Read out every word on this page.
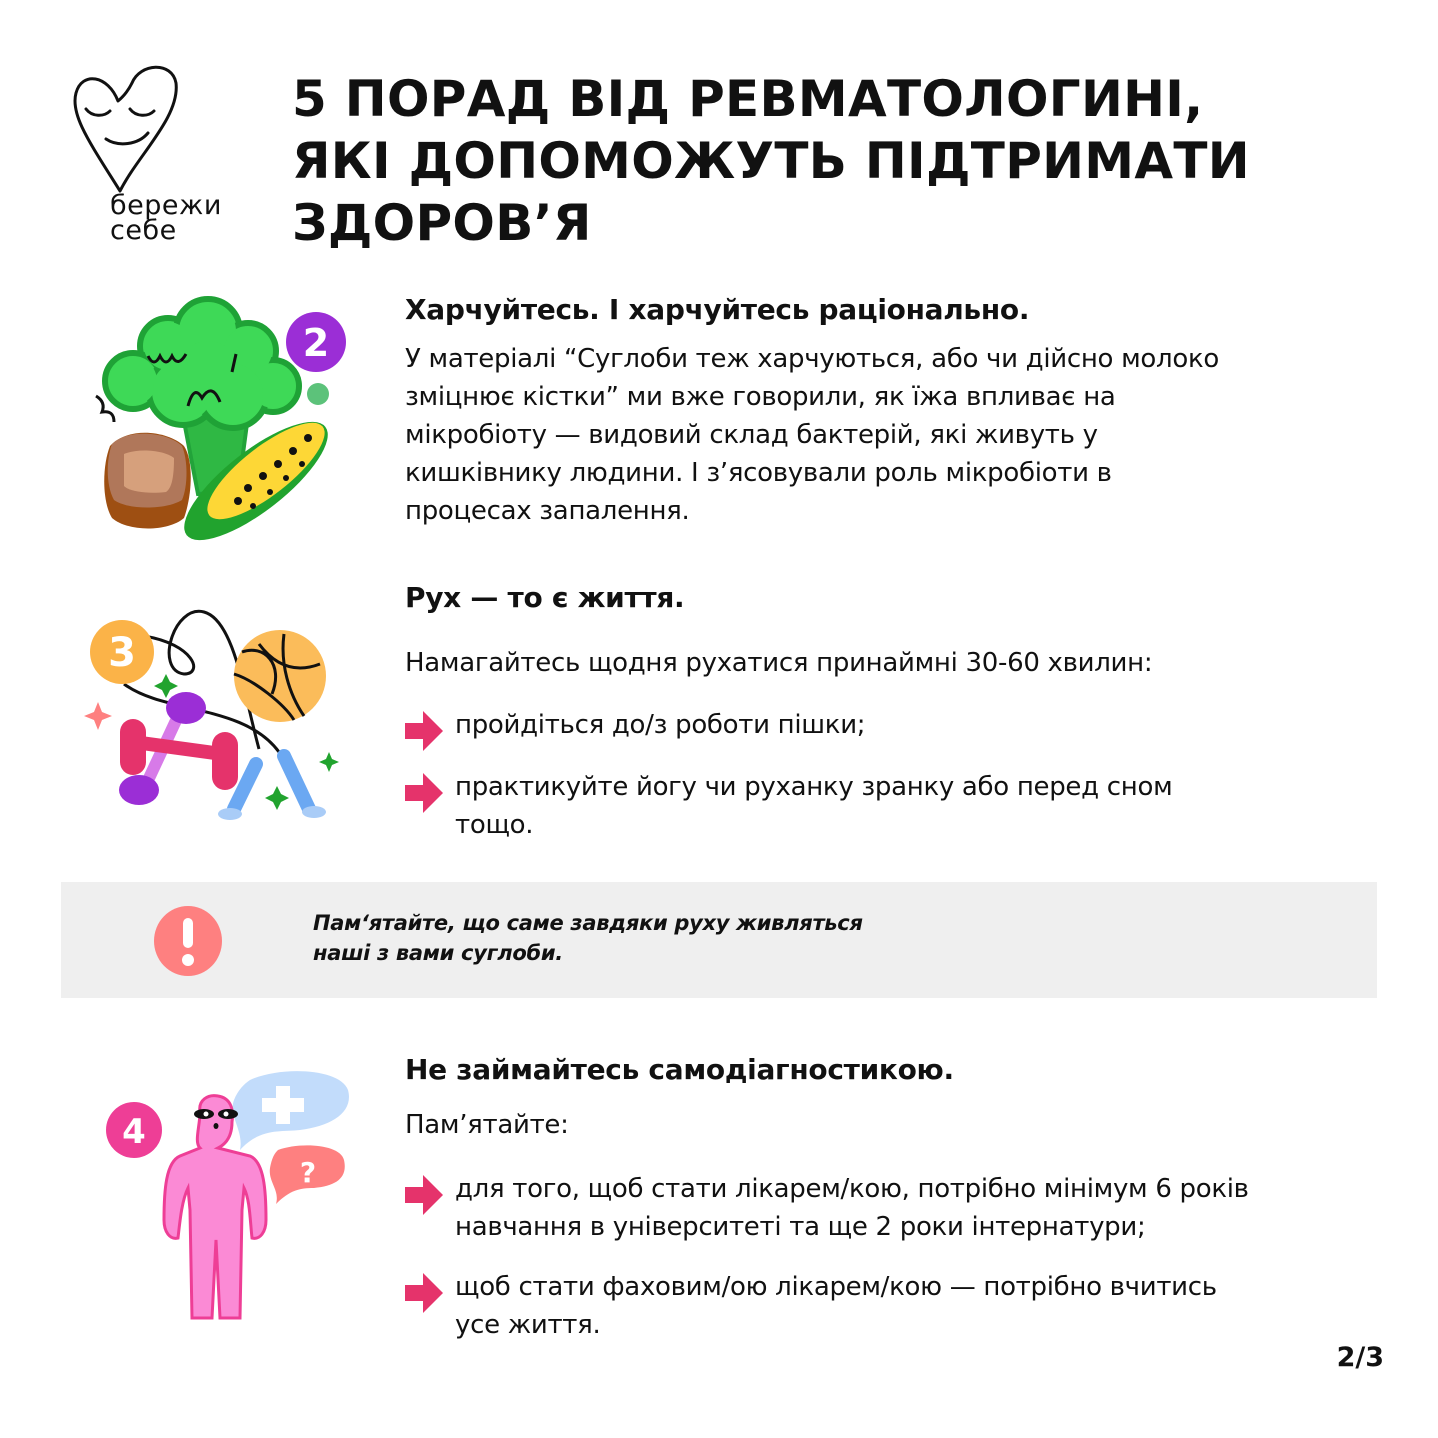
бережи
себе
5 ПОРАД ВІД РЕВМАТОЛОГИНІ,
ЯКІ ДОПОМОЖУТЬ ПІДТРИМАТИ
ЗДОРОВ’Я
2
Харчуйтесь. І харчуйтесь раціонально.
У матеріалі “Суглоби теж харчуються, або чи дійсно молоко
зміцнює кістки” ми вже говорили, як їжа впливає на
мікробіоту — видовий склад бактерій, які живуть у
кишківнику людини. І з’ясовували роль мікробіоти в
процесах запалення.
3
Рух — то є життя.
Намагайтесь щодня рухатися принаймні 30-60 хвилин:
пройдіться до/з роботи пішки;
практикуйте йогу чи руханку зранку або перед сном
тощо.
Пам‘ятайте, що саме завдяки руху живляться
наші з вами суглоби.
?
4
Не займайтесь самодіагностикою.
Пам’ятайте:
для того, щоб стати лікарем/кою, потрібно мінімум 6 років
навчання в університеті та ще 2 роки інтернатури;
щоб стати фаховим/ою лікарем/кою — потрібно вчитись
усе життя.
2/3
